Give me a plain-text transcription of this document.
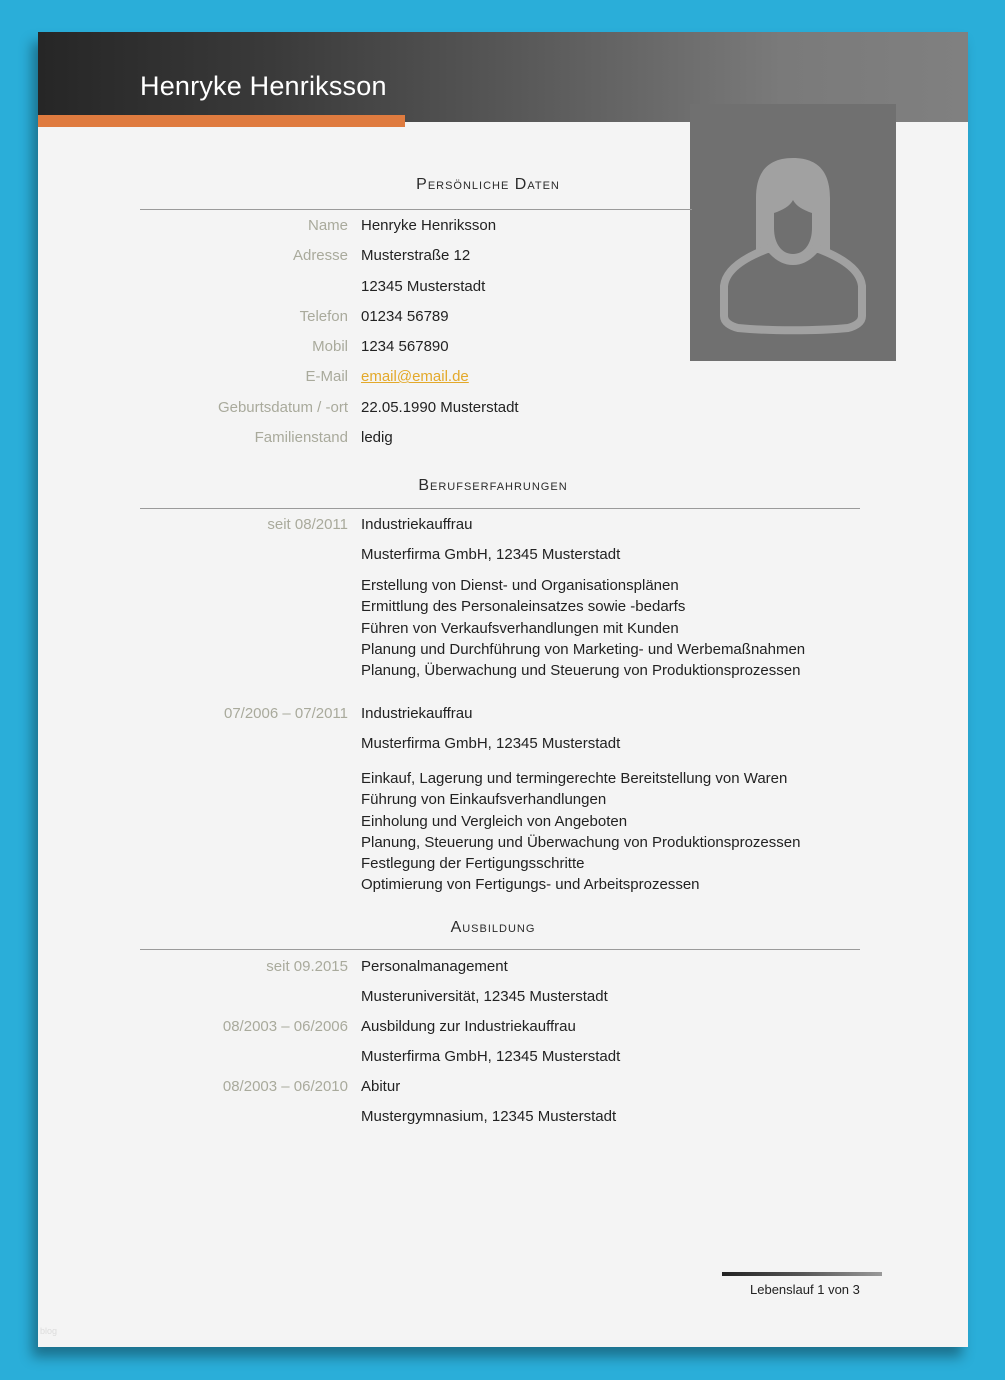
Henryke Henriksson
Persönliche Daten
Name Henryke Henriksson
Adresse Musterstraße 12
12345 Musterstadt
Telefon 01234 56789
Mobil 1234 567890
E-Mail email@email.de
Geburtsdatum / -ort 22.05.1990 Musterstadt
Familienstand ledig
Berufserfahrungen
seit 08/2011 Industriekauffrau
Musterfirma GmbH, 12345 Musterstadt
Erstellung von Dienst- und Organisationsplänen
Ermittlung des Personaleinsatzes sowie -bedarfs
Führen von Verkaufsverhandlungen mit Kunden
Planung und Durchführung von Marketing- und Werbemaßnahmen
Planung, Überwachung und Steuerung von Produktionsprozessen
07/2006 – 07/2011 Industriekauffrau
Musterfirma GmbH, 12345 Musterstadt
Einkauf, Lagerung und termingerechte Bereitstellung von Waren
Führung von Einkaufsverhandlungen
Einholung und Vergleich von Angeboten
Planung, Steuerung und Überwachung von Produktionsprozessen
Festlegung der Fertigungsschritte
Optimierung von Fertigungs- und Arbeitsprozessen
Ausbildung
seit 09.2015 Personalmanagement
Musteruniversität, 12345 Musterstadt
08/2003 – 06/2006 Ausbildung zur Industriekauffrau
Musterfirma GmbH, 12345 Musterstadt
08/2003 – 06/2010 Abitur
Mustergymnasium, 12345 Musterstadt
Lebenslauf 1 von 3
blog
